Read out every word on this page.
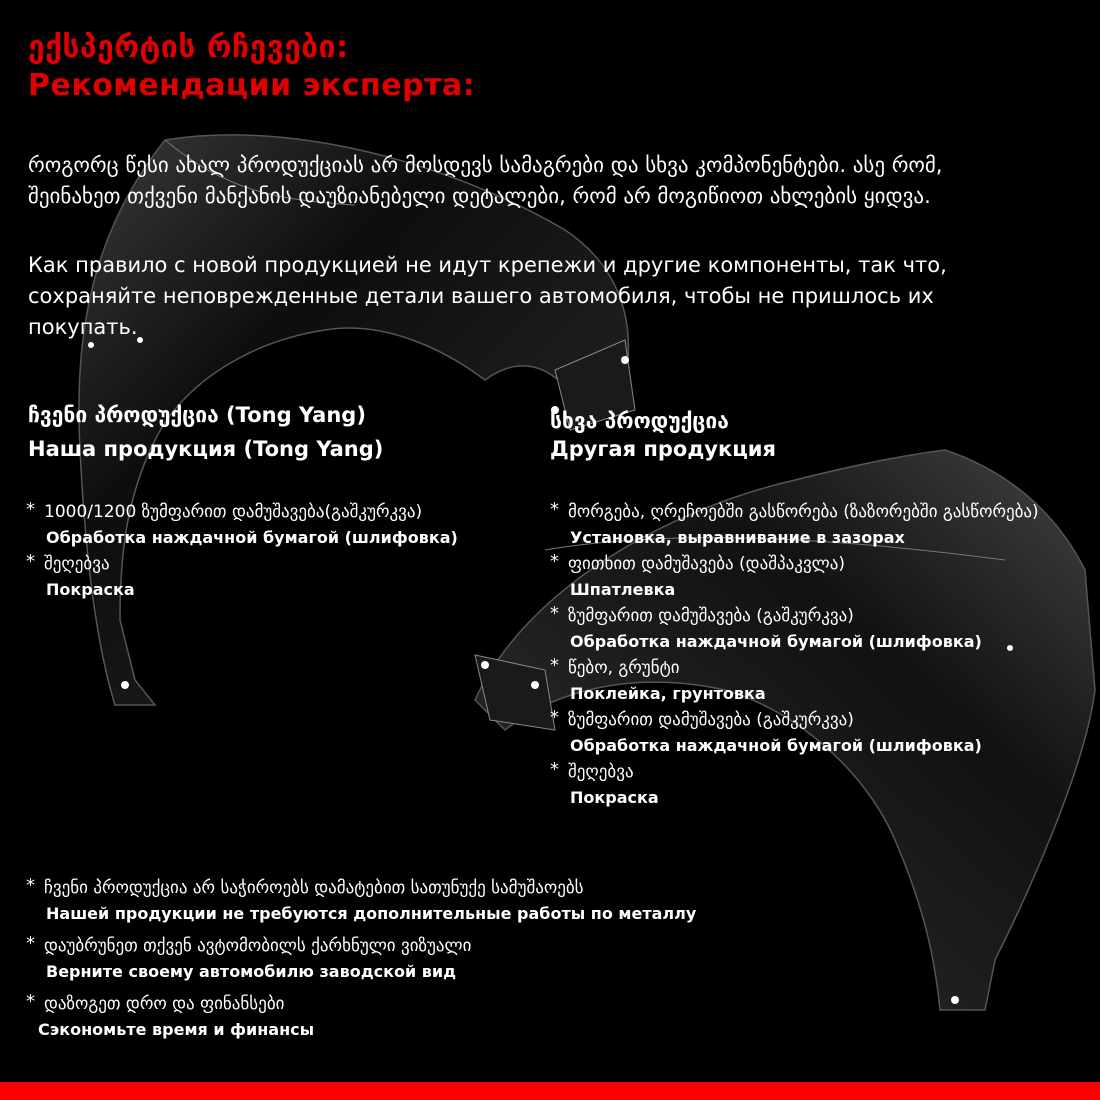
ექსპერტის რჩევები:
Рекомендации эксперта:

როგორც წესი ახალ პროდუქციას არ მოსდევს სამაგრები და სხვა კომპონენტები. ასე რომ, შეინახეთ თქვენი მანქანის დაუზიანებელი დეტალები, რომ არ მოგიწიოთ ახლების ყიდვა.

Как правило с новой продукцией не идут крепежи и другие компоненты, так что, сохраняйте неповрежденные детали вашего автомобиля, чтобы не пришлось их покупать.

ჩვენი პროდუქცია (Tong Yang)
Наша продукция (Tong Yang)
სხვა პროდუქცია
Другая продукция
* 1000/1200 ზუმფარით დამუშავება(გაშკურკვა)
Обработка наждачной бумагой (шлифовка)
* შეღებვა
Покраска
* მორგება, ღრეჩოებში გასწორება (ზაზორებში გასწორება)
Установка, выравнивание в зазорах
* ფითხით დამუშავება (დაშპაკვლა)
Шпатлевка
* ზუმფარით დამუშავება (გაშკურკვა)
Обработка наждачной бумагой (шлифовка)
* წებო, გრუნტი
Поклейка, грунтовка
* ზუმფარით დამუშავება (გაშკურკვა)
Обработка наждачной бумагой (шлифовка)
* შეღებვა
Покраска
* ჩვენი პროდუქცია არ საჭიროებს დამატებით სათუნუქე სამუშაოებს
Нашей продукции не требуются дополнительные работы по металлу
* დაუბრუნეთ თქვენ ავტომობილს ქარხნული ვიზუალი
Верните своему автомобилю заводской вид
* დაზოგეთ დრო და ფინანსები
Сэкономьте время и финансы
